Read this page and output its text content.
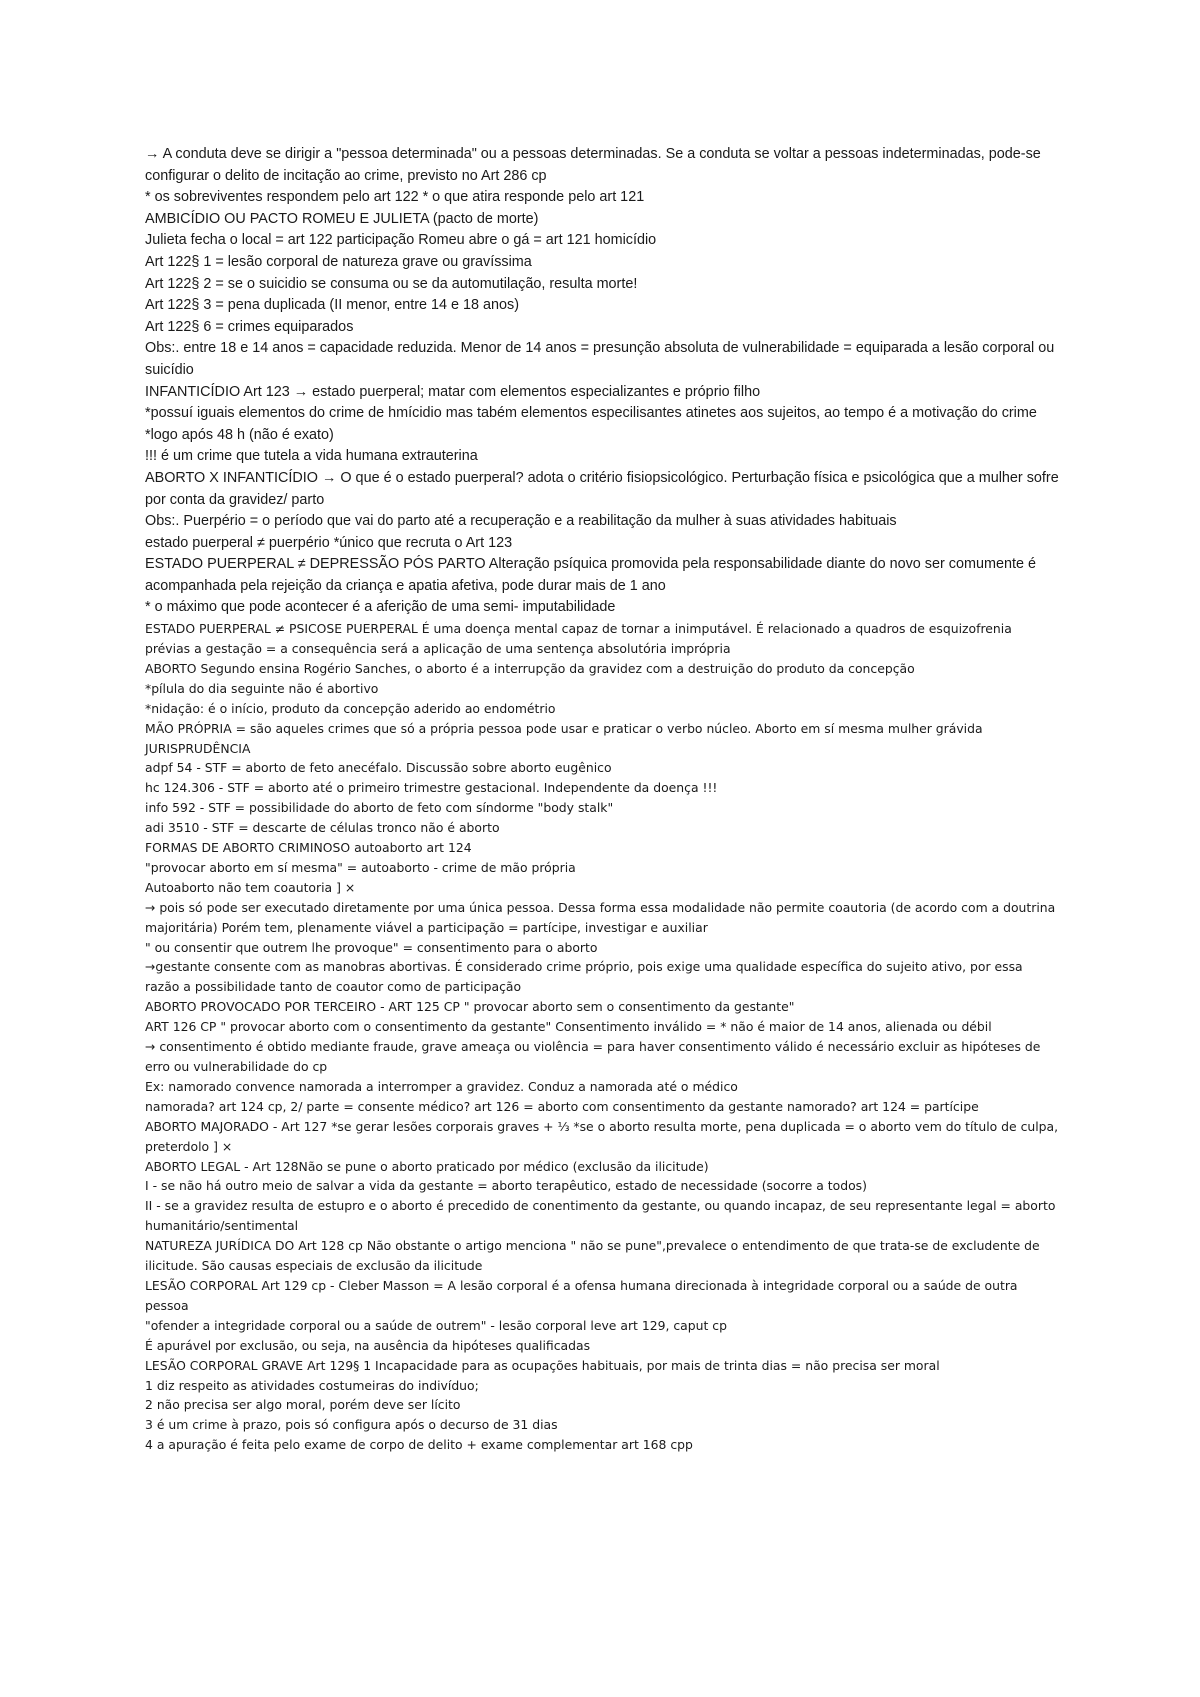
→ A conduta deve se dirigir a "pessoa determinada" ou a pessoas determinadas. Se a conduta se voltar a pessoas indeterminadas, pode-se configurar o delito de incitação ao crime, previsto no Art 286 cp

* os sobreviventes respondem pelo art 122 * o que atira responde pelo art 121

AMBICÍDIO OU PACTO ROMEU E JULIETA (pacto de morte)

Julieta fecha o local = art 122 participação Romeu abre o gá = art 121 homicídio

Art 122§ 1 = lesão corporal de natureza grave ou gravíssima

Art 122§ 2 = se o suicidio se consuma ou se da automutilação, resulta morte!

Art 122§ 3 = pena duplicada (II menor, entre 14 e 18 anos)

Art 122§ 6 = crimes equiparados

Obs:. entre 18 e 14 anos = capacidade reduzida. Menor de 14 anos = presunção absoluta de vulnerabilidade = equiparada a lesão corporal ou suicídio

INFANTICÍDIO Art 123 → estado puerperal; matar com elementos especializantes e próprio filho

*possuí iguais elementos do crime de hmícidio mas tabém elementos especilisantes atinetes aos sujeitos, ao tempo é a motivação do crime

*logo após 48 h (não é exato)

!!! é um crime que tutela a vida humana extrauterina

ABORTO X INFANTICÍDIO → O que é o estado puerperal? adota o critério fisiopsicológico. Perturbação física e psicológica que a mulher sofre por conta da gravidez/ parto

Obs:. Puerpério = o período que vai do parto até a recuperação e a reabilitação da mulher à suas atividades habituais

estado puerperal ≠ puerpério *único que recruta o Art 123

ESTADO PUERPERAL ≠ DEPRESSÃO PÓS PARTO Alteração psíquica promovida pela responsabilidade diante do novo ser comumente é acompanhada pela rejeição da criança e apatia afetiva, pode durar mais de 1 ano

* o máximo que pode acontecer é a aferição de uma semi- imputabilidade

ESTADO PUERPERAL ≠ PSICOSE PUERPERAL É uma doença mental capaz de tornar a inimputável. É relacionado a quadros de esquizofrenia prévias a gestação = a consequência será a aplicação de uma sentença absolutória imprópria

ABORTO Segundo ensina Rogério Sanches, o aborto é a interrupção da gravidez com a destruição do produto da concepção

*pílula do dia seguinte não é abortivo

*nidação: é o início, produto da concepção aderido ao endométrio

MÃO PRÓPRIA = são aqueles crimes que só a própria pessoa pode usar e praticar o verbo núcleo. Aborto em sí mesma mulher grávida

JURISPRUDÊNCIA

adpf 54 - STF = aborto de feto anecéfalo. Discussão sobre aborto eugênico

hc 124.306 - STF = aborto até o primeiro trimestre gestacional. Independente da doença !!!

info 592 - STF = possibilidade do aborto de feto com síndorme "body stalk"

adi 3510 - STF = descarte de células tronco não é aborto

FORMAS DE ABORTO CRIMINOSO autoaborto art 124

"provocar aborto em sí mesma" = autoaborto - crime de mão própria

Autoaborto não tem coautoria ] ×

→ pois só pode ser executado diretamente por uma única pessoa. Dessa forma essa modalidade não permite coautoria (de acordo com a doutrina majoritária) Porém tem, plenamente viável a participação = partícipe, investigar e auxiliar

" ou consentir que outrem lhe provoque" = consentimento para o aborto

→gestante consente com as manobras abortivas. É considerado crime próprio, pois exige uma qualidade específica do sujeito ativo, por essa razão a possibilidade tanto de coautor como de participação

ABORTO PROVOCADO POR TERCEIRO - ART 125 CP " provocar aborto sem o consentimento da gestante"

ART 126 CP " provocar aborto com o consentimento da gestante" Consentimento inválido = * não é maior de 14 anos, alienada ou débil

→ consentimento é obtido mediante fraude, grave ameaça ou violência = para haver consentimento válido é necessário excluir as hipóteses de erro ou vulnerabilidade do cp

Ex: namorado convence namorada a interromper a gravidez. Conduz a namorada até o médico

namorada? art 124 cp, 2/ parte = consente médico? art 126 = aborto com consentimento da gestante namorado? art 124 = partícipe

ABORTO MAJORADO - Art 127 *se gerar lesões corporais graves + ⅓ *se o aborto resulta morte, pena duplicada = o aborto vem do título de culpa, preterdolo ] ×

ABORTO LEGAL - Art 128Não se pune o aborto praticado por médico (exclusão da ilicitude)

I - se não há outro meio de salvar a vida da gestante = aborto terapêutico, estado de necessidade (socorre a todos)

II - se a gravidez resulta de estupro e o aborto é precedido de conentimento da gestante, ou quando incapaz, de seu representante legal = aborto humanitário/sentimental

NATUREZA JURÍDICA DO Art 128 cp Não obstante o artigo menciona " não se pune",prevalece o entendimento de que trata-se de excludente de ilicitude. São causas especiais de exclusão da ilicitude

LESÃO CORPORAL Art 129 cp - Cleber Masson = A lesão corporal é a ofensa humana direcionada à integridade corporal ou a saúde de outra pessoa

"ofender a integridade corporal ou a saúde de outrem" - lesão corporal leve art 129, caput cp

É apurável por exclusão, ou seja, na ausência da hipóteses qualificadas

LESÃO CORPORAL GRAVE Art 129§ 1 Incapacidade para as ocupações habituais, por mais de trinta dias = não precisa ser moral

1 diz respeito as atividades costumeiras do indivíduo;

2 não precisa ser algo moral, porém deve ser lícito

3 é um crime à prazo, pois só configura após o decurso de 31 dias

4 a apuração é feita pelo exame de corpo de delito + exame complementar art 168 cpp
